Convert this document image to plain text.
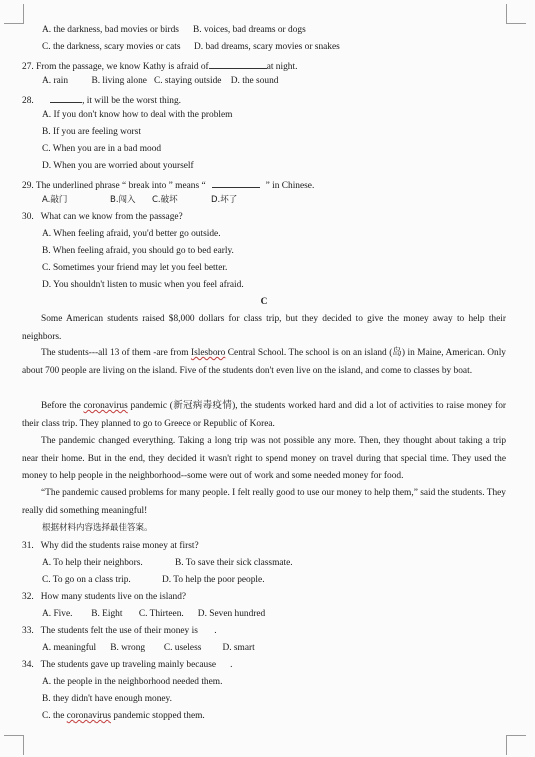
A. the darkness, bad movies or birds B. voices, bad dreams or dogs
C. the darkness, scary movies or cats D. bad dreams, scary movies or snakes
27. From the passage, we know Kathy is afraid of	at night.
A. rain          B. living alone   C. staying outside    D. the sound
28.	, it will be the worst thing.
A. If you don't know how to deal with the problem
B. If you are feeling worst
C. When you are in a bad mood
D. When you are worried about yourself
29. The underlined phrase “ break into ” means “	” in Chinese.
A.敲门	B.闯入 C.破坏	D.坏了
30.   What can we know from the passage?
A. When feeling afraid, you'd better go outside.
B. When feeling afraid, you should go to bed early.
C. Sometimes your friend may let you feel better.
D. You shouldn't listen to music when you feel afraid.
C
Some American students raised $8,000 dollars for class trip, but they decided to give the money away to help their neighbors.
The students---all 13 of them -are from Islesboro Central School. The school is on an island (岛) in Maine, American. Only about 700 people are living on the island. Five of the students don't even live on the island, and come to classes by boat.
Before the coronavirus pandemic (新冠病毒疫情), the students worked hard and did a lot of activities to raise money for their class trip. They planned to go to Greece or Republic of Korea.
The pandemic changed everything. Taking a long trip was not possible any more. Then, they thought about taking a trip near their home. But in the end, they decided it wasn't right to spend money on travel during that special time. They used the money to help people in the neighborhood--some were out of work and some needed money for food.
“The pandemic caused problems for many people. I felt really good to use our money to help them,” said the students. They really did something meaningful!
根据材料内容选择最佳答案。
31.   Why did the students raise money at first?
A. To help their neighbors.	B. To save their sick classmate.
C. To go on a class trip.	D. To help the poor people.
32.   How many students live on the island?
A. Five.        B. Eight       C. Thirteen.      D. Seven hundred
33.   The students felt the use of their money is       .
A. meaningful      B. wrong        C. useless         D. smart
34.   The students gave up traveling mainly because      .
A. the people in the neighborhood needed them.
B. they didn't have enough money.
C. the coronavirus pandemic stopped them.
